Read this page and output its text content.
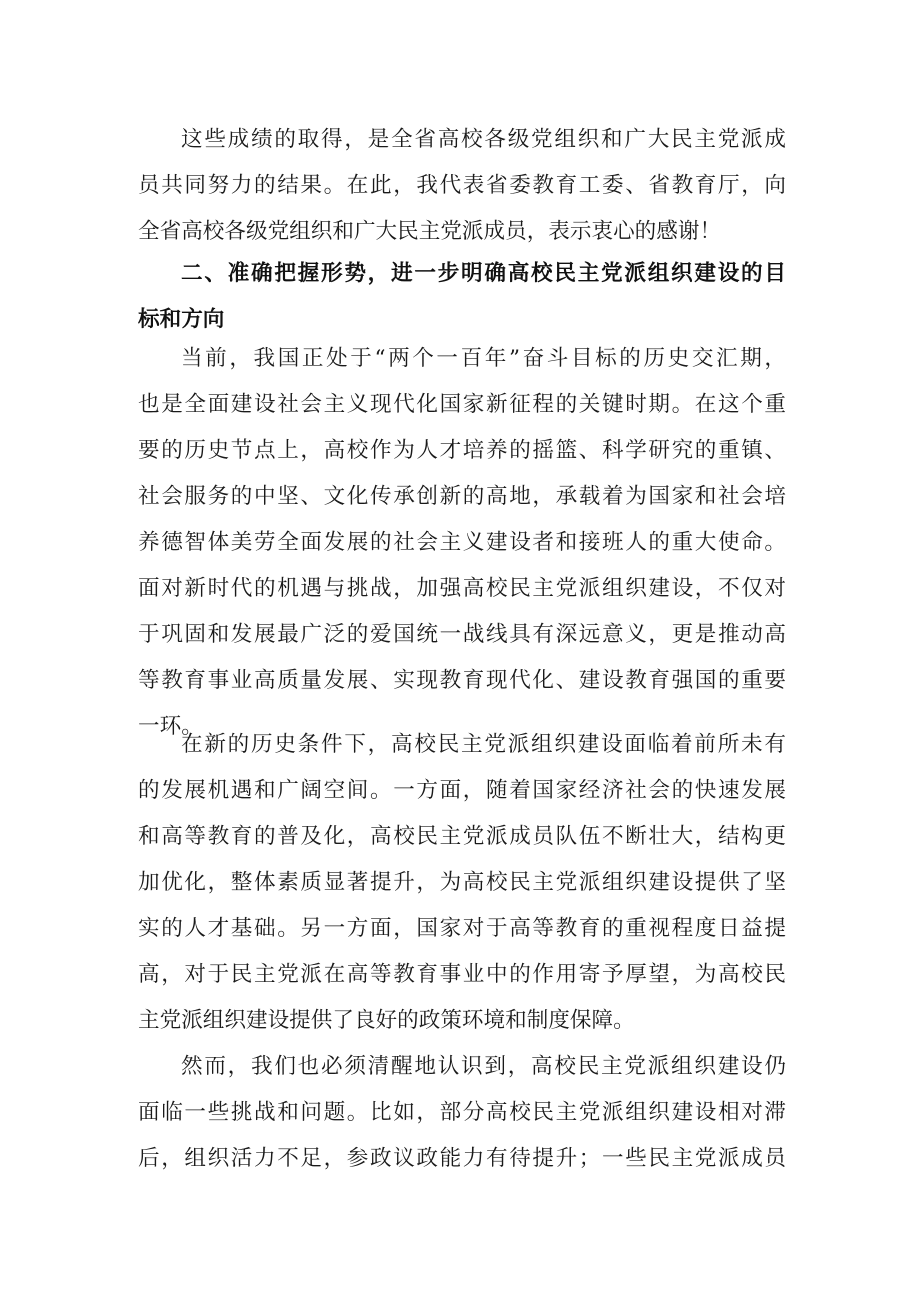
这些成绩的取得，是全省高校各级党组织和广大民主党派成
员共同努力的结果。在此，我代表省委教育工委、省教育厅，向
全省高校各级党组织和广大民主党派成员，表示衷心的感谢！
二、准确把握形势，进一步明确高校民主党派组织建设的目
标和方向
当前，我国正处于“两个一百年”奋斗目标的历史交汇期，
也是全面建设社会主义现代化国家新征程的关键时期。在这个重
要的历史节点上，高校作为人才培养的摇篮、科学研究的重镇、
社会服务的中坚、文化传承创新的高地，承载着为国家和社会培
养德智体美劳全面发展的社会主义建设者和接班人的重大使命。
面对新时代的机遇与挑战，加强高校民主党派组织建设，不仅对
于巩固和发展最广泛的爱国统一战线具有深远意义，更是推动高
等教育事业高质量发展、实现教育现代化、建设教育强国的重要
一环。
在新的历史条件下，高校民主党派组织建设面临着前所未有
的发展机遇和广阔空间。一方面，随着国家经济社会的快速发展
和高等教育的普及化，高校民主党派成员队伍不断壮大，结构更
加优化，整体素质显著提升，为高校民主党派组织建设提供了坚
实的人才基础。另一方面，国家对于高等教育的重视程度日益提
高，对于民主党派在高等教育事业中的作用寄予厚望，为高校民
主党派组织建设提供了良好的政策环境和制度保障。
然而，我们也必须清醒地认识到，高校民主党派组织建设仍
面临一些挑战和问题。比如，部分高校民主党派组织建设相对滞
后，组织活力不足，参政议政能力有待提升；一些民主党派成员
